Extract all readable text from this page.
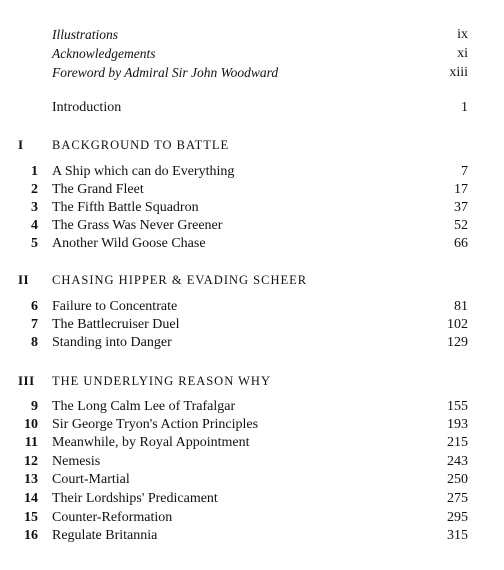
Illustrations	ix
Acknowledgements	xi
Foreword by Admiral Sir John Woodward	xiii
Introduction	1
I BACKGROUND TO BATTLE
1 A Ship which can do Everything	7
2 The Grand Fleet	17
3 The Fifth Battle Squadron	37
4 The Grass Was Never Greener	52
5 Another Wild Goose Chase	66
II CHASING HIPPER & EVADING SCHEER
6 Failure to Concentrate	81
7 The Battlecruiser Duel	102
8 Standing into Danger	129
III THE UNDERLYING REASON WHY
9 The Long Calm Lee of Trafalgar	155
10 Sir George Tryon's Action Principles	193
11 Meanwhile, by Royal Appointment	215
12 Nemesis	243
13 Court-Martial	250
14 Their Lordships' Predicament	275
15 Counter-Reformation	295
16 Regulate Britannia	315
